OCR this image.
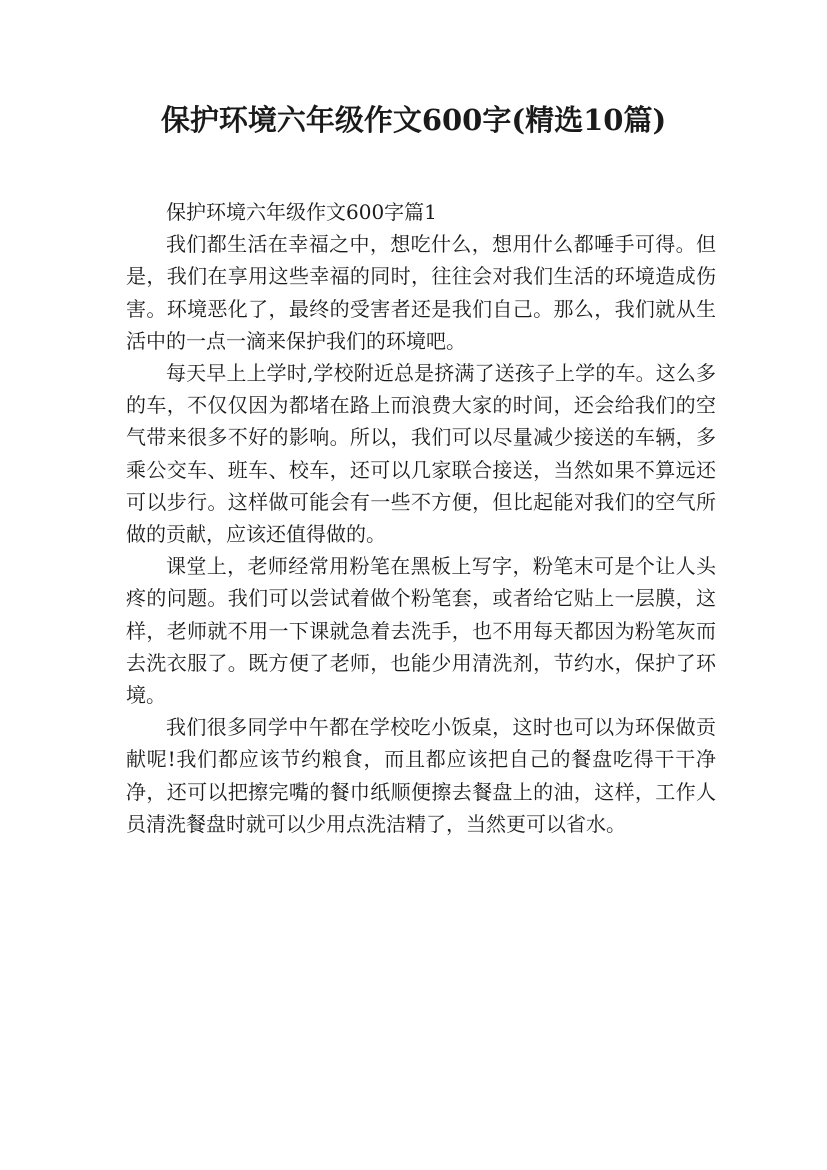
保护环境六年级作文600字(精选10篇)

保护环境六年级作文600字篇1

我们都生活在幸福之中，想吃什么，想用什么都唾手可得。但是，我们在享用这些幸福的同时，往往会对我们生活的环境造成伤害。环境恶化了，最终的受害者还是我们自己。那么，我们就从生活中的一点一滴来保护我们的环境吧。

每天早上上学时,学校附近总是挤满了送孩子上学的车。这么多的车，不仅仅因为都堵在路上而浪费大家的时间，还会给我们的空气带来很多不好的影响。所以，我们可以尽量减少接送的车辆，多乘公交车、班车、校车，还可以几家联合接送，当然如果不算远还可以步行。这样做可能会有一些不方便，但比起能对我们的空气所做的贡献，应该还值得做的。

课堂上，老师经常用粉笔在黑板上写字，粉笔末可是个让人头疼的问题。我们可以尝试着做个粉笔套，或者给它贴上一层膜，这样，老师就不用一下课就急着去洗手，也不用每天都因为粉笔灰而去洗衣服了。既方便了老师，也能少用清洗剂，节约水，保护了环境。

我们很多同学中午都在学校吃小饭桌，这时也可以为环保做贡献呢!我们都应该节约粮食，而且都应该把自己的餐盘吃得干干净净，还可以把擦完嘴的餐巾纸顺便擦去餐盘上的油，这样，工作人员清洗餐盘时就可以少用点洗洁精了，当然更可以省水。
